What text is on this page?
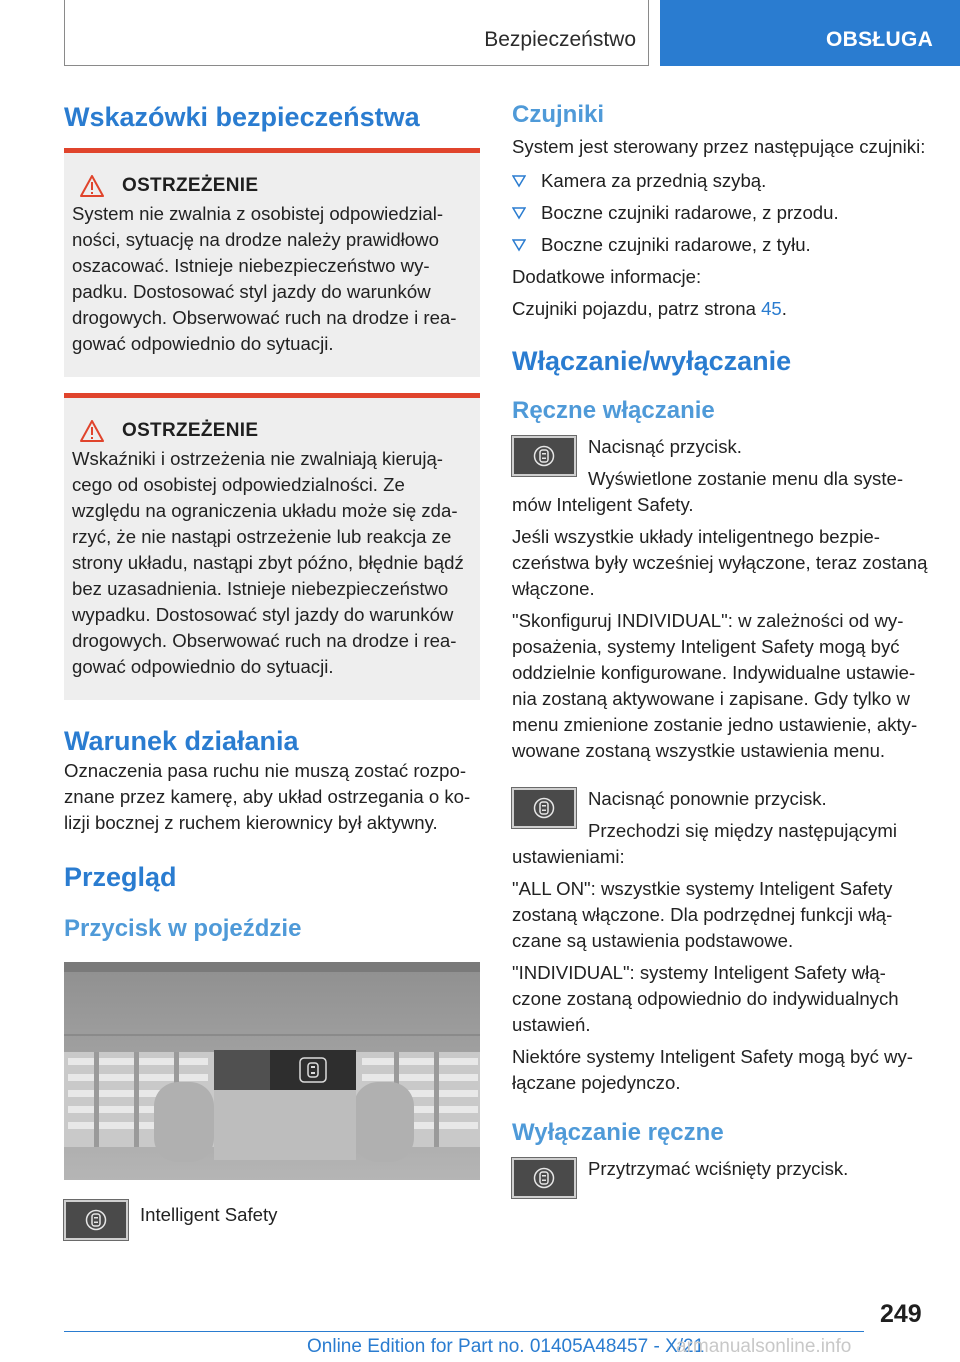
Bezpieczeństwo	OBSŁUGA
Wskazówki bezpieczeństwa
OSTRZEŻENIE

System nie zwalnia z osobistej odpowiedzialności, sytuację na drodze należy prawidłowo oszacować. Istnieje niebezpieczeństwo wypadku. Dostosować styl jazdy do warunków drogowych. Obserwować ruch na drodze i reagować odpowiednio do sytuacji.

OSTRZEŻENIE

Wskaźniki i ostrzeżenia nie zwalniają kierującego od osobistej odpowiedzialności. Ze względu na ograniczenia układu może się zdarzyć, że nie nastąpi ostrzeżenie lub reakcja ze strony układu, nastąpi zbyt późno, błędnie bądź bez uzasadnienia. Istnieje niebezpieczeństwo wypadku. Dostosować styl jazdy do warunków drogowych. Obserwować ruch na drodze i reagować odpowiednio do sytuacji.

Warunek działania

Oznaczenia pasa ruchu nie muszą zostać rozpoznane przez kamerę, aby układ ostrzegania o kolizji bocznej z ruchem kierownicy był aktywny.

Przegląd
Przycisk w pojeździe

Intelligent Safety

Czujniki

System jest sterowany przez następujące czujniki:

Kamera za przednią szybą.
Boczne czujniki radarowe, z przodu.
Boczne czujniki radarowe, z tyłu.

Dodatkowe informacje:

Czujniki pojazdu, patrz strona 45.

Włączanie/wyłączanie
Ręczne włączanie

Nacisnąć przycisk.

Wyświetlone zostanie menu dla systemów Inteligent Safety.

Jeśli wszystkie układy inteligentnego bezpieczeństwa były wcześniej wyłączone, teraz zostaną włączone.

"Skonfiguruj INDIVIDUAL": w zależności od wyposażenia, systemy Inteligent Safety mogą być oddzielnie konfigurowane. Indywidualne ustawienia zostaną aktywowane i zapisane. Gdy tylko w menu zmienione zostanie jedno ustawienie, aktywowane zostaną wszystkie ustawienia menu.

Nacisnąć ponownie przycisk.

Przechodzi się między następującymi ustawieniami:

"ALL ON": wszystkie systemy Inteligent Safety zostaną włączone. Dla podrzędnej funkcji włączane są ustawienia podstawowe.

"INDIVIDUAL": systemy Inteligent Safety włączone zostaną odpowiednio do indywidualnych ustawień.

Niektóre systemy Inteligent Safety mogą być wyłączane pojedynczo.

Wyłączanie ręczne

Przytrzymać wciśnięty przycisk.

249
Online Edition for Part no. 01405A48457 - X/21
armanualsonline.info
